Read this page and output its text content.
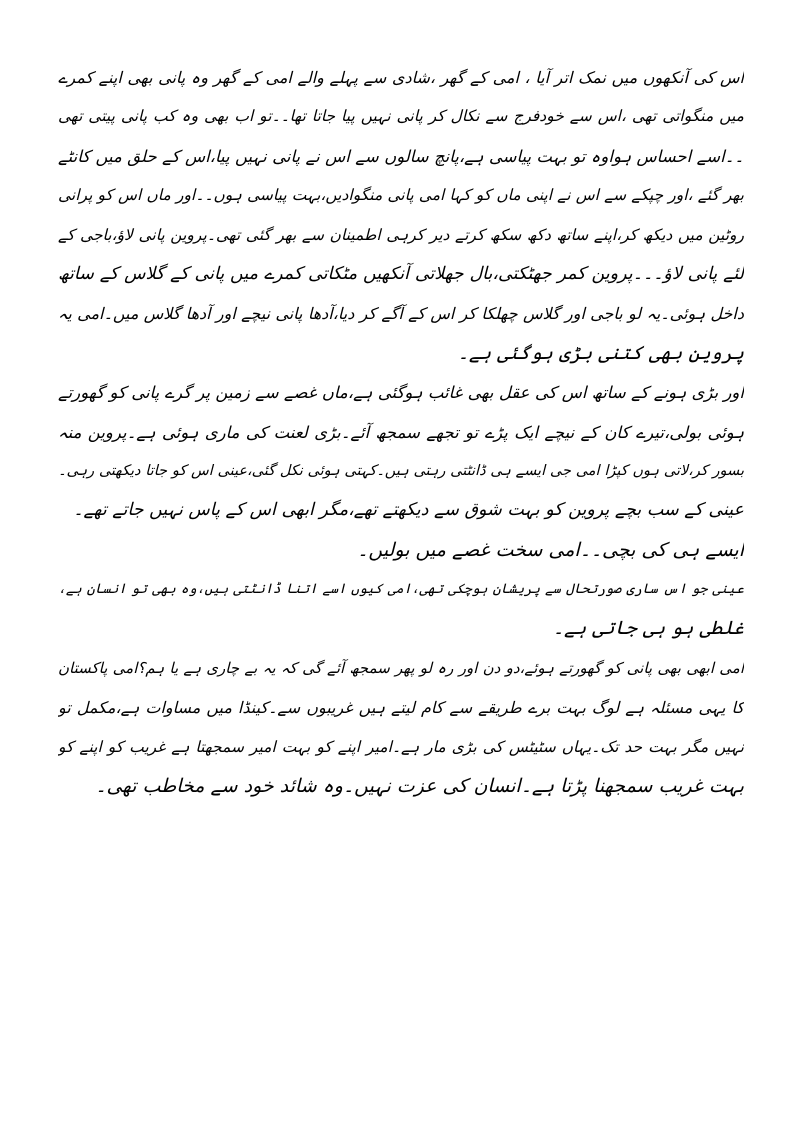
اس کی آنکھوں میں نمک اتر آیا ، امی کے گھر ،شادی سے پہلے والے امی کے گھر وہ پانی بھی اپنے کمرے
میں منگواتی تھی ،اس سے خودفرج سے نکال کر پانی نہیں پیا جاتا تھا۔۔تو اب بھی وہ کب پانی پیتی تھی
۔۔اسے احساس ہواوہ تو بہت پیاسی ہے،پانچ سالوں سے اس نے پانی نہیں پیا،اس کے حلق میں کانٹے
بھر گئے ،اور چپکے سے اس نے اپنی ماں کو کہا امی پانی منگوادیں،بہت پیاسی ہوں۔۔اور ماں اس کو پرانی
روٹین میں دیکھ کر،اپنے ساتھ دکھ سکھ کرتے دیر کرہی اطمینان سے بھر گئی تھی۔پروین پانی لاؤ،باجی کے
لئے پانی لاؤ۔۔۔پروین کمر جھٹکتی،بال جھلاتی آنکھیں مٹکاتی کمرے میں پانی کے گلاس کے ساتھ
داخل ہوئی۔یہ لو باجی اور گلاس چھلکا کر اس کے آگے کر دیا،آدھا پانی نیچے اور آدھا گلاس میں۔امی یہ
پروین بھی کتنی بڑی ہوگئی ہے۔
اور بڑی ہونے کے ساتھ اس کی عقل بھی غائب ہوگئی ہے،ماں غصے سے زمین پر گرے پانی کو گھورتے
ہوئی بولی،تیرے کان کے نیچے ایک پڑے تو تجھے سمجھ آئے۔بڑی لعنت کی ماری ہوئی ہے۔پروین منہ
بسور کر،لاتی ہوں کپڑا امی جی ایسے ہی ڈانٹتی رہتی ہیں۔کہتی ہوئی نکل گئی،عینی اس کو جاتا دیکھتی رہی۔
عینی کے سب بچے پروین کو بہت شوق سے دیکھتے تھے،مگر ابھی اس کے پاس نہیں جاتے تھے۔
ایسے ہی کی بچی۔۔امی سخت غصے میں بولیں۔
عینی جو اس ساری صورتحال سے پریشان ہوچکی تھی،امی کیوں اسے اتنا ڈانٹتی ہیں،وہ بھی تو انسان ہے،
غلطی ہو ہی جاتی ہے۔
امی ابھی بھی پانی کو گھورتے ہوئے،دو دن اور رہ لو پھر سمجھ آئے گی کہ یہ بے چاری ہے یا ہم؟امی پاکستان
کا یہی مسئلہ ہے لوگ بہت برے طریقے سے کام لیتے ہیں غریبوں سے۔کینڈا میں مساوات ہے،مکمل تو
نہیں مگر بہت حد تک۔یہاں سٹیٹس کی بڑی مار ہے۔امیر اپنے کو بہت امیر سمجھتا ہے غریب کو اپنے کو
بہت غریب سمجھنا پڑتا ہے۔انسان کی عزت نہیں۔وہ شائد خود سے مخاطب تھی۔
